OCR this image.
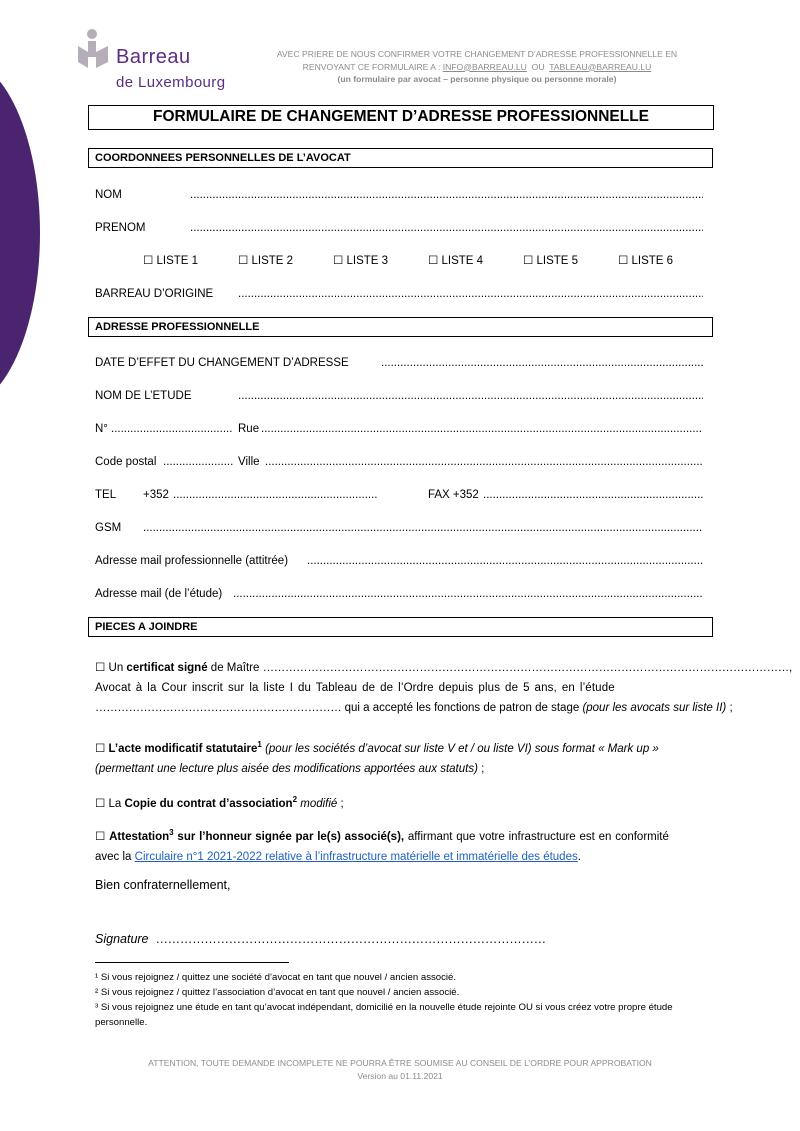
Barreau
de Luxembourg
AVEC PRIERE DE NOUS CONFIRMER VOTRE CHANGEMENT D’ADRESSE PROFESSIONNELLE EN
RENVOYANT CE FORMULAIRE A : INFO@BARREAU.LU  OU  TABLEAU@BARREAU.LU
(un formulaire par avocat – personne physique ou personne morale)
FORMULAIRE DE CHANGEMENT D’ADRESSE PROFESSIONNELLE
COORDONNEES PERSONNELLES DE L’AVOCAT
NOM
.....
PRENOM
.....
☐ LISTE 1	☐ LISTE 2	☐ LISTE 3	☐ LISTE 4	☐ LISTE 5	☐ LISTE 6
BARREAU D’ORIGINE
.....
ADRESSE PROFESSIONNELLE
DATE D’EFFET DU CHANGEMENT D’ADRESSE
.....
NOM DE L’ETUDE
.....
N° .....	Rue
.....
Code postal .....	Ville
.....
TEL +352 .....	FAX +352
.....
GSM
.....
Adresse mail professionnelle (attitrée)
.....
Adresse mail (de l’étude)
.....
PIECES A JOINDRE
☐ Un certificat signé de Maître ……………………………………………………………………………………………………………………………,
Avocat à la Cour inscrit sur la liste I du Tableau de de l’Ordre depuis plus de 5 ans, en l’étude
………………………………………………………… qui a accepté les fonctions de patron de stage (pour les avocats sur liste II) ;
☐ L’acte modificatif statutaire$^1$ (pour les sociétés d’avocat sur liste V et / ou liste VI) sous format « Mark up »
(permettant une lecture plus aisée des modifications apportées aux statuts) ;
☐ La Copie du contrat d’association$^2$ modifié ;
☐ Attestation$^3$ sur l’honneur signée par le(s) associé(s), affirmant que votre infrastructure est en conformité
avec la Circulaire n°1 2021-2022 relative à l’infrastructure matérielle et immatérielle des études.
Bien confraternellement,
Signature ……………………………………………………………………………………
¹ Si vous rejoignez / quittez une société d’avocat en tant que nouvel / ancien associé.
² Si vous rejoignez / quittez l’association d’avocat en tant que nouvel / ancien associé.
³ Si vous rejoignez une étude en tant qu’avocat indépendant, domicilié en la nouvelle étude rejointe OU si vous créez votre propre étude personnelle.
ATTENTION, TOUTE DEMANDE INCOMPLETE NE POURRA ÊTRE SOUMISE AU CONSEIL DE L’ORDRE POUR APPROBATION
Version au 01.11.2021
